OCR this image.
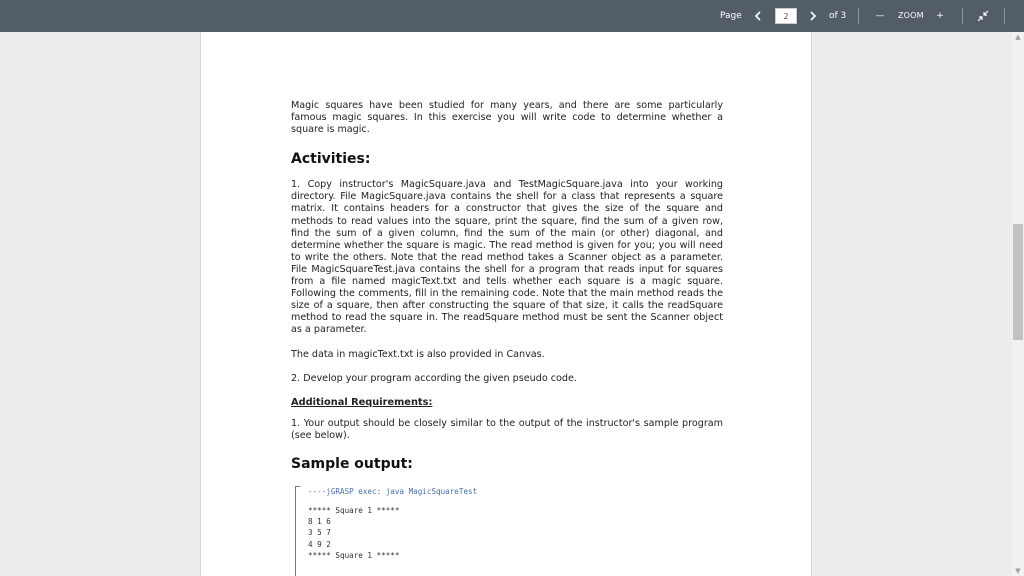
Page
2	of 3	—	ZOOM	+

Magic squares have been studied for many years, and there are some particularly famous magic squares. In this exercise you will write code to determine whether a square is magic.

Activities:

1. Copy instructor's MagicSquare.java and TestMagicSquare.java into your working directory. File MagicSquare.java contains the shell for a class that represents a square matrix. It contains headers for a constructor that gives the size of the square and methods to read values into the square, print the square, find the sum of a given row, find the sum of a given column, find the sum of the main (or other) diagonal, and determine whether the square is magic. The read method is given for you; you will need to write the others. Note that the read method takes a Scanner object as a parameter. File MagicSquareTest.java contains the shell for a program that reads input for squares from a file named magicText.txt and tells whether each square is a magic square. Following the comments, fill in the remaining code. Note that the main method reads the size of a square, then after constructing the square of that size, it calls the readSquare method to read the square in. The readSquare method must be sent the Scanner object as a parameter.

The data in magicText.txt is also provided in Canvas.

2. Develop your program according the given pseudo code.

Additional Requirements:

1. Your output should be closely similar to the output of the instructor's sample program (see below).

Sample output:
----jGRASP exec: java MagicSquareTest
***** Square 1 *****
8 1 6
3 5 7
4 9 2
***** Square 1 *****
▲
▼
